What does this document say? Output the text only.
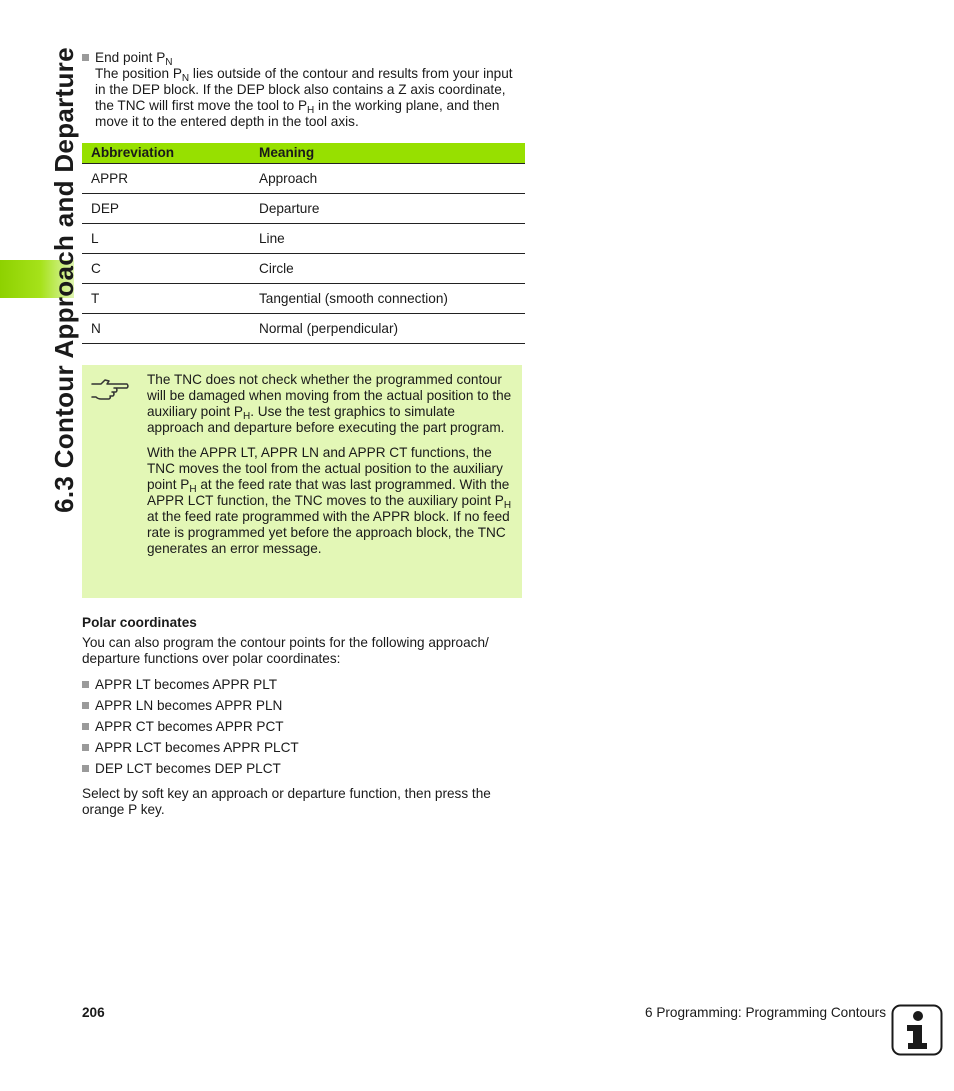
6.3 Contour Approach and Departure	End point $P_N$
The position $P_N$ lies outside of the contour and results from your input in the DEP block. If the DEP block also contains a Z axis coordinate, the TNC will first move the tool to $P_H$ in the working plane, and then move it to the entered depth in the tool axis.
Abbreviation	Meaning
APPR	Approach
DEP	Departure
L	Line
C	Circle
T	Tangential (smooth connection)
N	Normal (perpendicular)

The TNC does not check whether the programmed contour will be damaged when moving from the actual position to the auxiliary point $P_H$. Use the test graphics to simulate approach and departure before executing the part program.

With the APPR LT, APPR LN and APPR CT functions, the TNC moves the tool from the actual position to the auxiliary point $P_H$ at the feed rate that was last programmed. With the APPR LCT function, the TNC moves to the auxiliary point $P_H$ at the feed rate programmed with the APPR block. If no feed rate is programmed yet before the approach block, the TNC generates an error message.

Polar coordinates
You can also program the contour points for the following approach/ departure functions over polar coordinates:
APPR LT becomes APPR PLT
APPR LN becomes APPR PLN
APPR CT becomes APPR PCT
APPR LCT becomes APPR PLCT
DEP LCT becomes DEP PLCT
Select by soft key an approach or departure function, then press the orange P key.
206	6 Programming: Programming Contours
